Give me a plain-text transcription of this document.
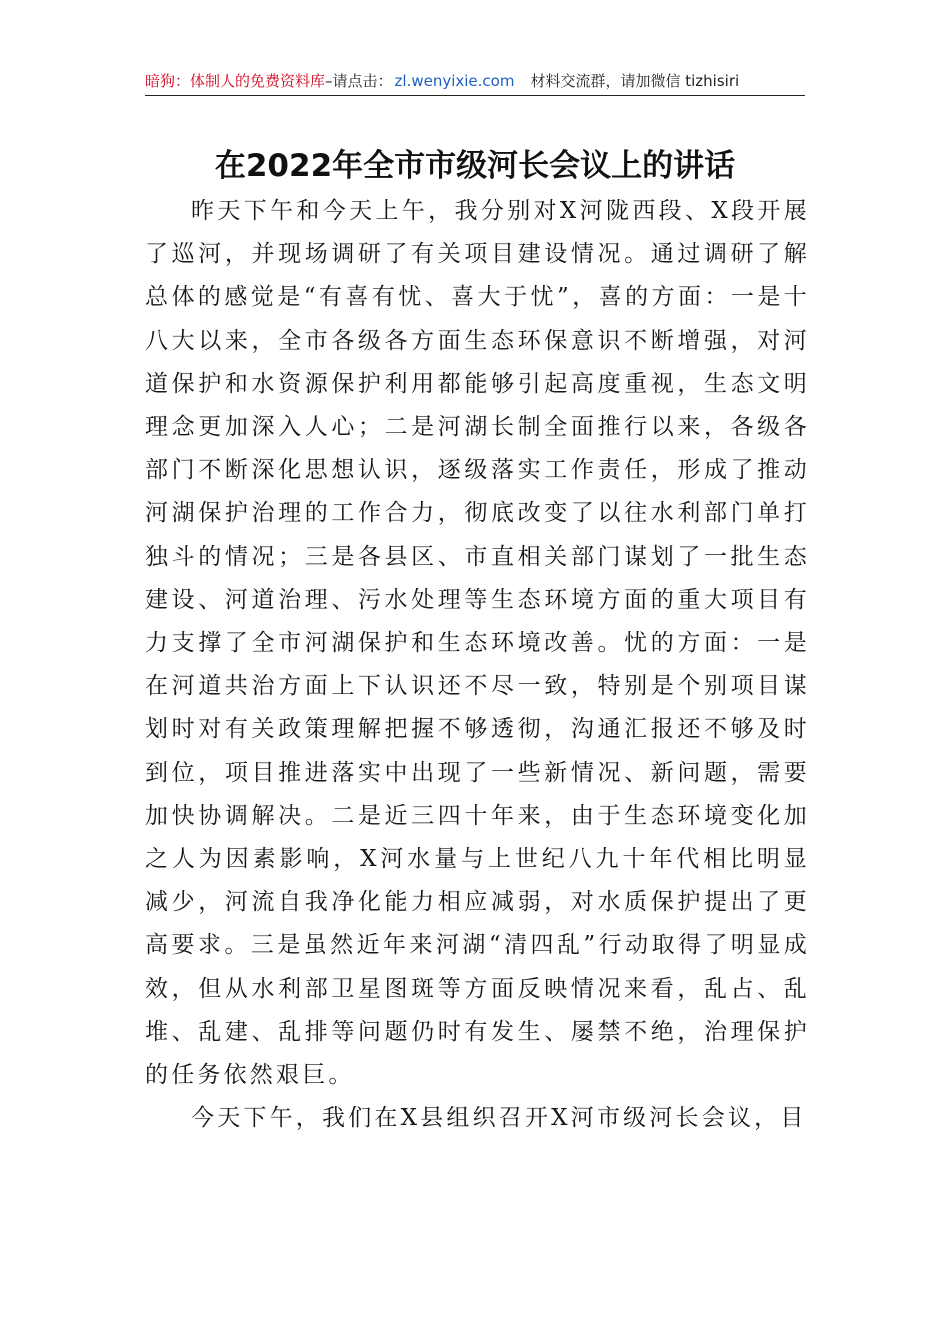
暗狗：体制人的免费资料库–请点击： zl.wenyixie.com 材料交流群，请加微信 tizhisiri
在2022年全市市级河长会议上的讲话

昨天下午和今天上午，我分别对X河陇西段、X段开展了巡河，并现场调研了有关项目建设情况。通过调研了解总体的感觉是“有喜有忧、喜大于忧”，喜的方面：一是十八大以来，全市各级各方面生态环保意识不断增强，对河道保护和水资源保护利用都能够引起高度重视，生态文明理念更加深入人心；二是河湖长制全面推行以来，各级各部门不断深化思想认识，逐级落实工作责任，形成了推动河湖保护治理的工作合力，彻底改变了以往水利部门单打独斗的情况；三是各县区、市直相关部门谋划了一批生态建设、河道治理、污水处理等生态环境方面的重大项目有力支撑了全市河湖保护和生态环境改善。忧的方面：一是在河道共治方面上下认识还不尽一致，特别是个别项目谋划时对有关政策理解把握不够透彻，沟通汇报还不够及时到位，项目推进落实中出现了一些新情况、新问题，需要加快协调解决。二是近三四十年来，由于生态环境变化加之人为因素影响，X河水量与上世纪八九十年代相比明显减少，河流自我净化能力相应减弱，对水质保护提出了更高要求。三是虽然近年来河湖“清四乱”行动取得了明显成效，但从水利部卫星图斑等方面反映情况来看，乱占、乱堆、乱建、乱排等问题仍时有发生、屡禁不绝，治理保护的任务依然艰巨。

今天下午，我们在X县组织召开X河市级河长会议，目
